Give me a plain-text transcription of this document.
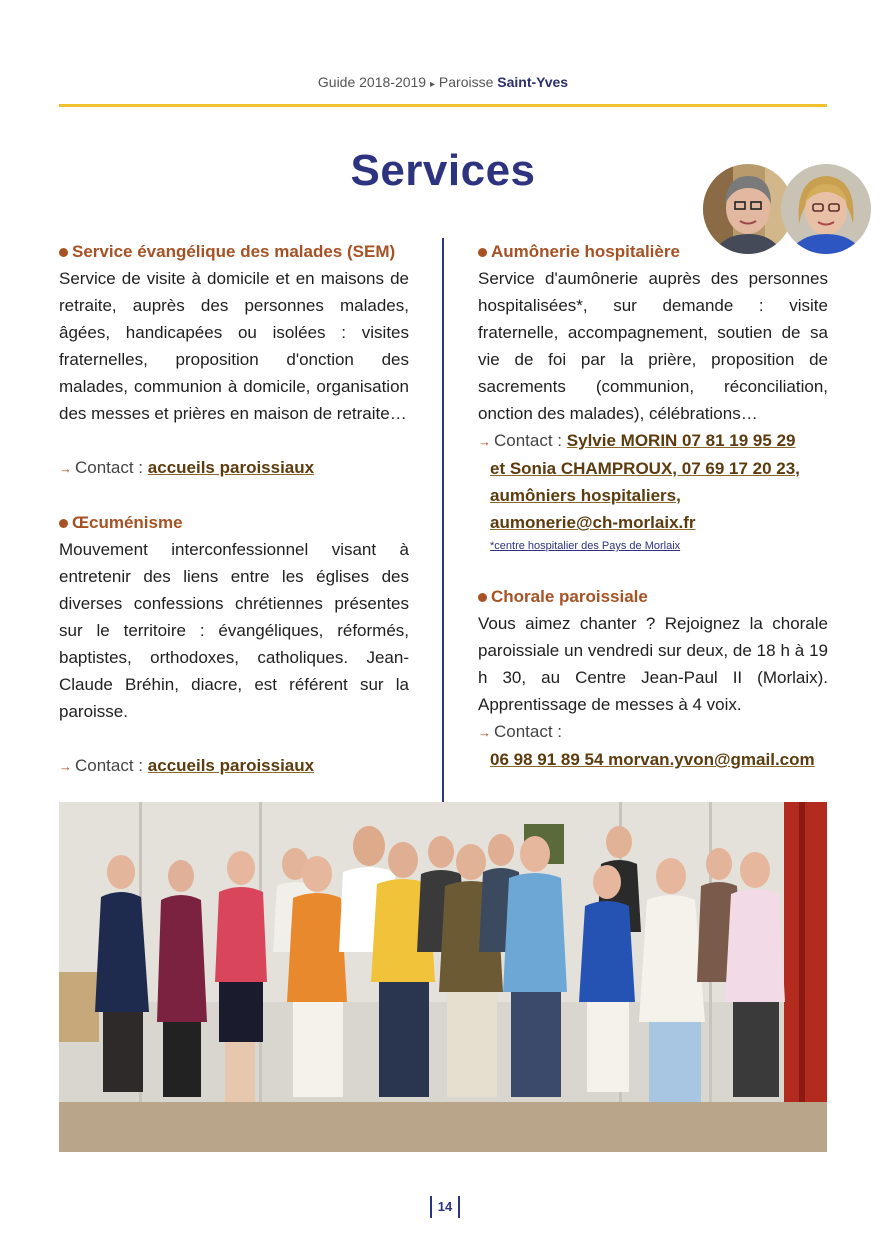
Guide 2018-2019 ▸ Paroisse Saint-Yves
Services
Service évangélique des malades (SEM)

Service de visite à domicile et en maisons de retraite, auprès des personnes malades, âgées, handicapées ou isolées : visites fraternelles, proposition d'onction des malades, communion à domicile, organisation des messes et prières en maison de retraite…

→ Contact : accueils paroissiaux

Œcuménisme

Mouvement interconfessionnel visant à entretenir des liens entre les églises des diverses confessions chrétiennes présentes sur le territoire : évangéliques, réformés, baptistes, orthodoxes, catholiques. Jean-Claude Bréhin, diacre, est référent sur la paroisse.

→ Contact : accueils paroissiaux

Aumônerie hospitalière

Service d'aumônerie auprès des personnes hospitalisées*, sur demande : visite fraternelle, accompagnement, soutien de sa vie de foi par la prière, proposition de sacrements (communion, réconciliation, onction des malades), célébrations…

→ Contact : Sylvie MORIN 07 81 19 95 29

et Sonia CHAMPROUX, 07 69 17 20 23,

aumôniers hospitaliers,

aumonerie@ch-morlaix.fr

*centre hospitalier des Pays de Morlaix
Chorale paroissiale

Vous aimez chanter ? Rejoignez la chorale paroissiale un vendredi sur deux, de 18 h à 19 h 30, au Centre Jean-Paul II (Morlaix). Apprentissage de messes à 4 voix.

→ Contact :

06 98 91 89 54 morvan.yvon@gmail.com

14
